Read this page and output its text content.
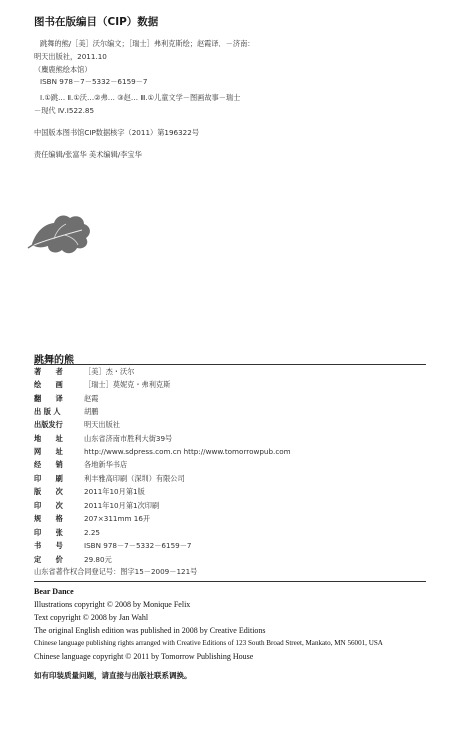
图书在版编目（CIP）数据
跳舞的熊/［美］沃尔编文；［瑞士］弗利克斯绘；赵霞译．－济南：
明天出版社，2011.10
（麋鹿熊绘本馆）
ISBN 978－7－5332－6159－7
Ⅰ.①跳… Ⅱ.①沃…②弗… ③赵… Ⅲ.①儿童文学－图画故事－瑞士
－现代 Ⅳ.I522.85
中国版本图书馆CIP数据核字（2011）第196322号
责任编辑/张富华 美术编辑/李宝华
跳舞的熊
著　　者	［美］杰・沃尔
绘　　画	［瑞士］莫妮克・弗利克斯
翻　　译	赵霞
出 版 人	胡鹏
出版发行	明天出版社
地　　址	山东省济南市胜利大街39号
网　　址	http://www.sdpress.com.cn http://www.tomorrowpub.com
经　　销	各地新华书店
印　　刷	利丰雅高印刷（深圳）有限公司
版　　次	2011年10月第1版
印　　次	2011年10月第1次印刷
规　　格	207×311mm 16开
印　　张	2.25
书　　号	ISBN 978－7－5332－6159－7
定　　价	29.80元
山东省著作权合同登记号：图字15－2009－121号
Bear Dance
Illustrations copyright © 2008 by Monique Felix
Text copyright © 2008 by Jan Wahl
The original English edition was published in 2008 by Creative Editions
Chinese language publishing rights arranged with Creative Editions of 123 South Broad Street, Mankato, MN 56001, USA
Chinese language copyright © 2011 by Tomorrow Publishing House
如有印装质量问题，请直接与出版社联系调换。
